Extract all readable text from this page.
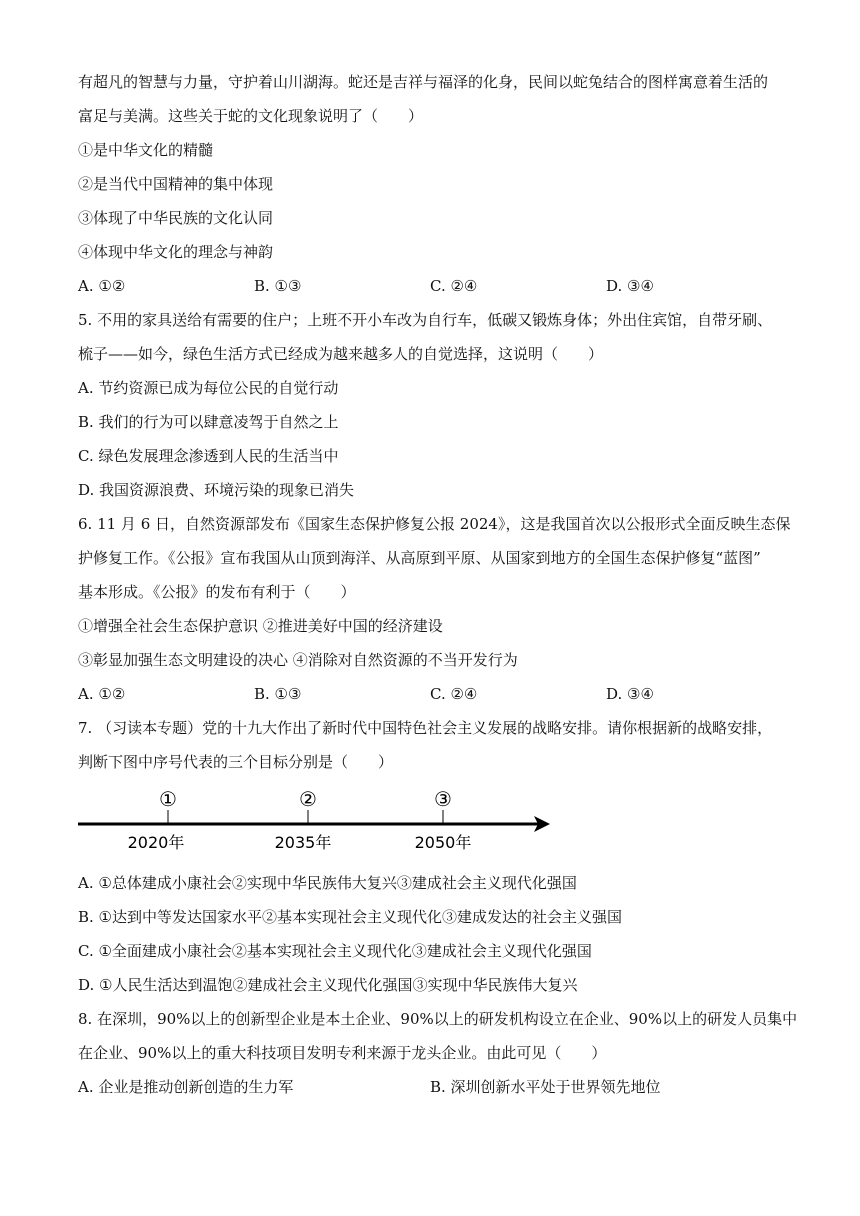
有超凡的智慧与力量，守护着山川湖海。蛇还是吉祥与福泽的化身，民间以蛇兔结合的图样寓意着生活的
富足与美满。这些关于蛇的文化现象说明了（　　）
①是中华文化的精髓
②是当代中国精神的集中体现
③体现了中华民族的文化认同
④体现中华文化的理念与神韵
A. ①②	B. ①③	C. ②④	D. ③④
5. 不用的家具送给有需要的住户；上班不开小车改为自行车，低碳又锻炼身体；外出住宾馆，自带牙刷、
梳子——如今，绿色生活方式已经成为越来越多人的自觉选择，这说明（　　）
A. 节约资源已成为每位公民的自觉行动
B. 我们的行为可以肆意凌驾于自然之上
C. 绿色发展理念渗透到人民的生活当中
D. 我国资源浪费、环境污染的现象已消失
6. 11 月 6 日，自然资源部发布《国家生态保护修复公报 2024》，这是我国首次以公报形式全面反映生态保
护修复工作。《公报》宣布我国从山顶到海洋、从高原到平原、从国家到地方的全国生态保护修复“蓝图”
基本形成。《公报》的发布有利于（　　）
①增强全社会生态保护意识 ②推进美好中国的经济建设
③彰显加强生态文明建设的决心 ④消除对自然资源的不当开发行为
A. ①②	B. ①③	C. ②④	D. ③④
7. （习读本专题）党的十九大作出了新时代中国特色社会主义发展的战略安排。请你根据新的战略安排，
判断下图中序号代表的三个目标分别是（　　）
①	②	③
2020年	2035年	2050年
A. ①总体建成小康社会②实现中华民族伟大复兴③建成社会主义现代化强国
B. ①达到中等发达国家水平②基本实现社会主义现代化③建成发达的社会主义强国
C. ①全面建成小康社会②基本实现社会主义现代化③建成社会主义现代化强国
D. ①人民生活达到温饱②建成社会主义现代化强国③实现中华民族伟大复兴
8. 在深圳，90%以上的创新型企业是本土企业、90%以上的研发机构设立在企业、90%以上的研发人员集中
在企业、90%以上的重大科技项目发明专利来源于龙头企业。由此可见（　　）
A. 企业是推动创新创造的生力军	B. 深圳创新水平处于世界领先地位
